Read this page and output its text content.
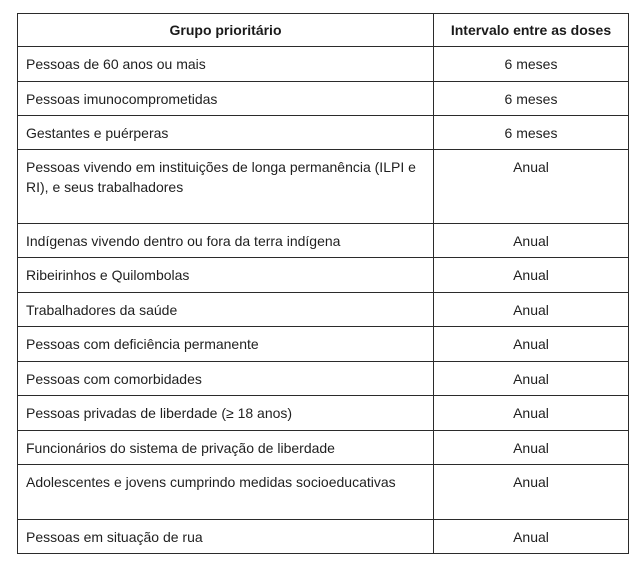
Grupo prioritário	Intervalo entre as doses
Pessoas de 60 anos ou mais	6 meses
Pessoas imunocomprometidas	6 meses
Gestantes e puérperas	6 meses
Pessoas vivendo em instituições de longa permanência (ILPI e RI), e seus trabalhadores	Anual
Indígenas vivendo dentro ou fora da terra indígena	Anual
Ribeirinhos e Quilombolas	Anual
Trabalhadores da saúde	Anual
Pessoas com deficiência permanente	Anual
Pessoas com comorbidades	Anual
Pessoas privadas de liberdade (≥ 18 anos)	Anual
Funcionários do sistema de privação de liberdade	Anual
Adolescentes e jovens cumprindo medidas socioeducativas	Anual
Pessoas em situação de rua	Anual
